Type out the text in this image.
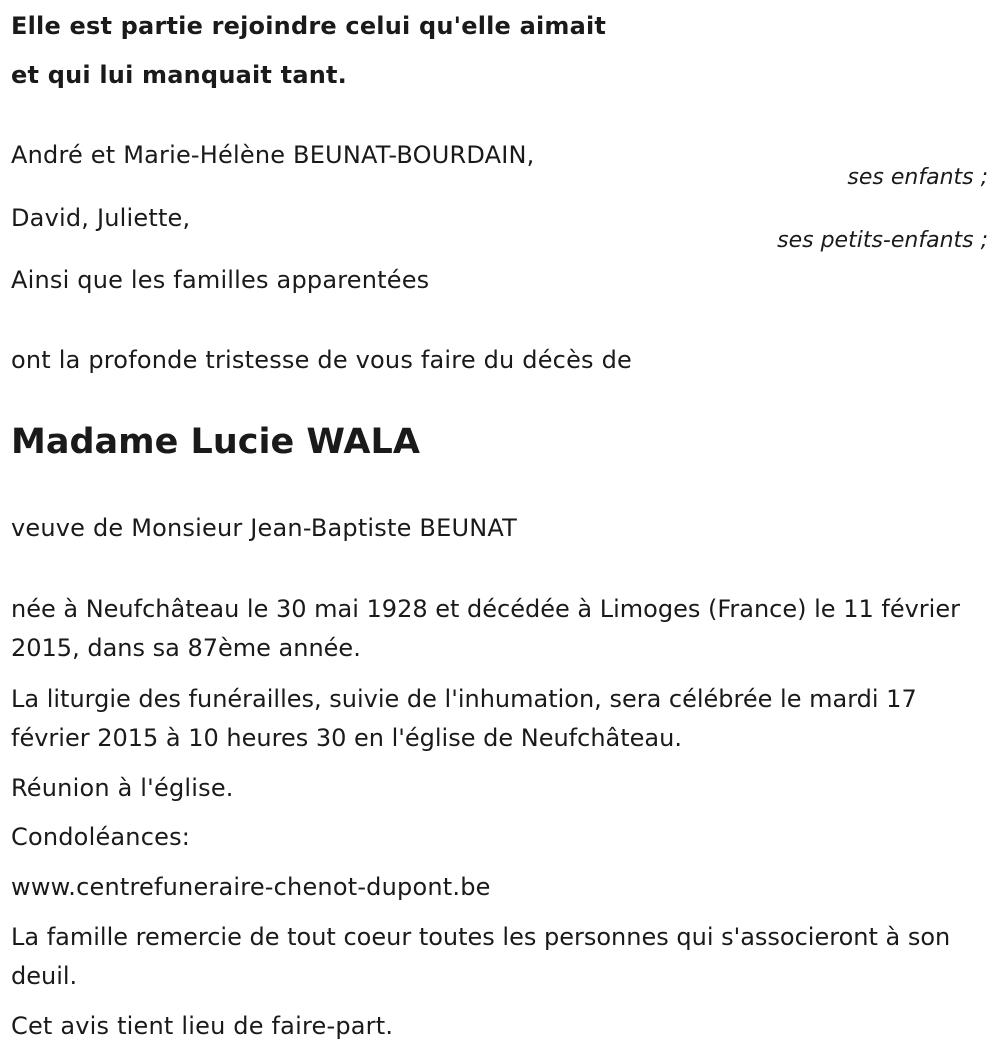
Elle est partie rejoindre celui qu'elle aimait

et qui lui manquait tant.

André et Marie-Hélène BEUNAT-BOURDAIN,

ses enfants ;

David, Juliette,

ses petits-enfants ;

Ainsi que les familles apparentées

ont la profonde tristesse de vous faire du décès de

Madame Lucie WALA

veuve de Monsieur Jean-Baptiste BEUNAT

née à Neufchâteau le 30 mai 1928 et décédée à Limoges (France) le 11 février 2015, dans sa 87ème année.

La liturgie des funérailles, suivie de l'inhumation, sera célébrée le mardi 17 février 2015 à 10 heures 30 en l'église de Neufchâteau.

Réunion à l'église.

Condoléances:

www.centrefuneraire-chenot-dupont.be

La famille remercie de tout coeur toutes les personnes qui s'associeront à son deuil.

Cet avis tient lieu de faire-part.
